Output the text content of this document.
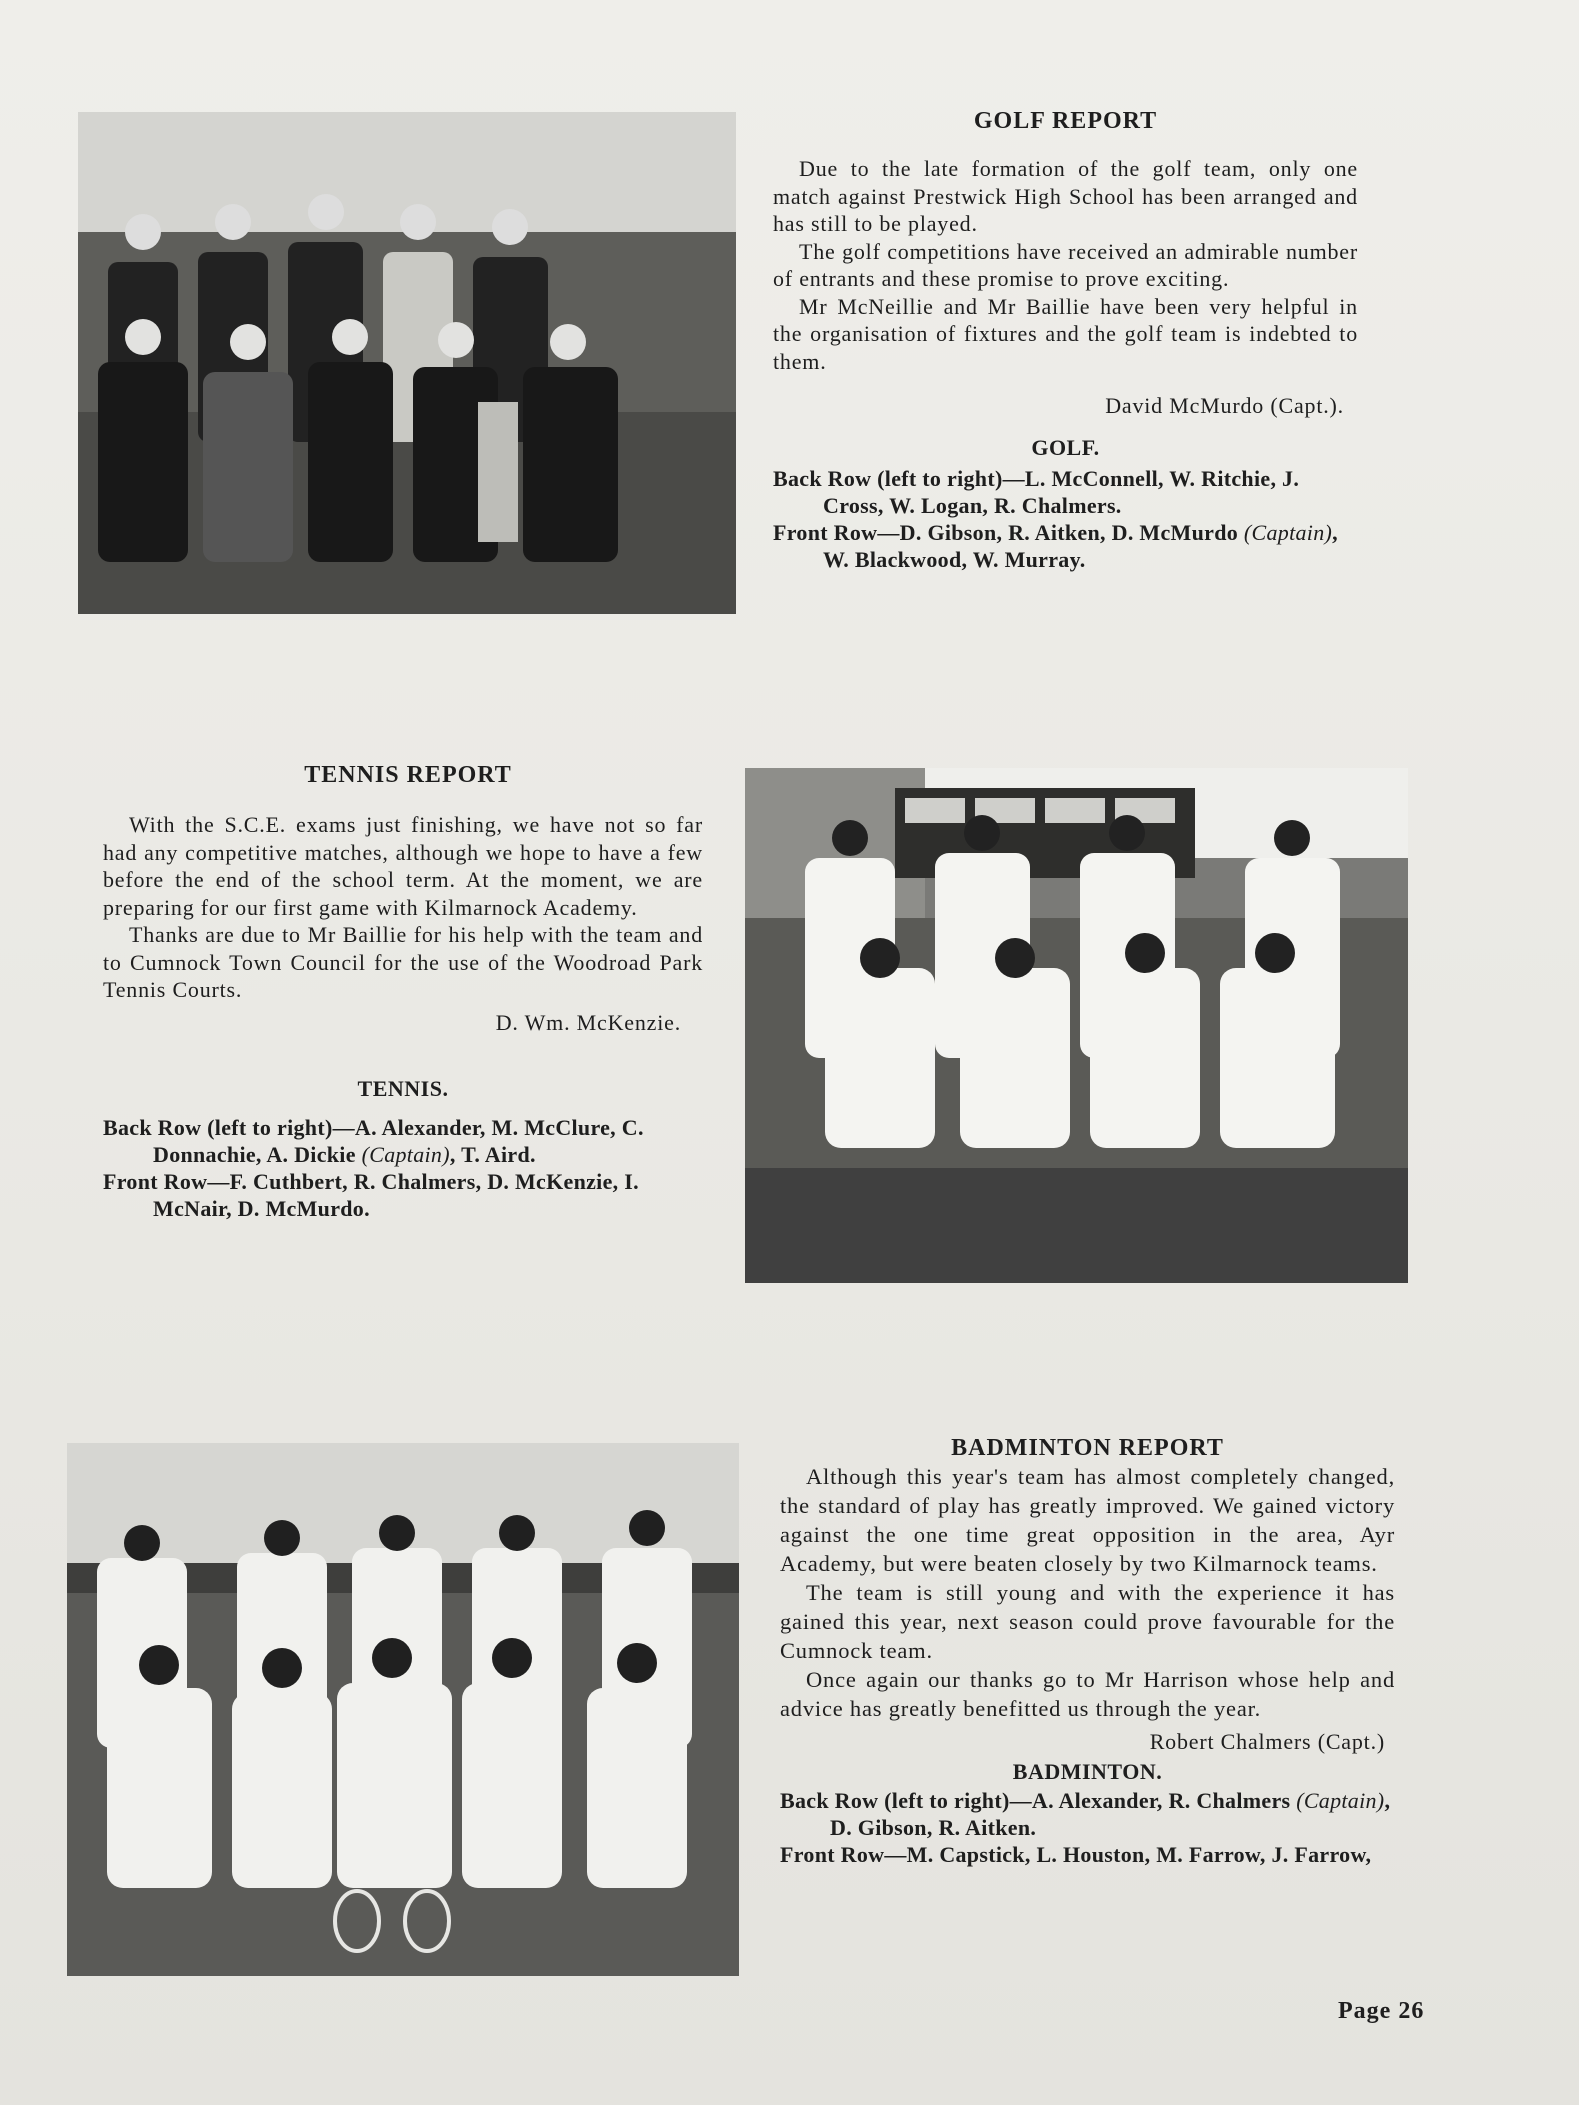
GOLF REPORT

Due to the late formation of the golf team, only one match against Prestwick High School has been arranged and has still to be played.

The golf competitions have received an admirable number of entrants and these promise to prove exciting.

Mr McNeillie and Mr Baillie have been very helpful in the organisation of fixtures and the golf team is indebted to them.

David McMurdo (Capt.).
GOLF.
Back Row (left to right)—L. McConnell, W. Ritchie, J. Cross, W. Logan, R. Chalmers.
Front Row—D. Gibson, R. Aitken, D. McMurdo (Captain), W. Blackwood, W. Murray.
TENNIS REPORT

With the S.C.E. exams just finishing, we have not so far had any competitive matches, although we hope to have a few before the end of the school term. At the moment, we are preparing for our first game with Kilmarnock Academy.

Thanks are due to Mr Baillie for his help with the team and to Cumnock Town Council for the use of the Woodroad Park Tennis Courts.

D. Wm. McKenzie.
TENNIS.
Back Row (left to right)—A. Alexander, M. McClure, C. Donnachie, A. Dickie (Captain), T. Aird.
Front Row—F. Cuthbert, R. Chalmers, D. McKenzie, I. McNair, D. McMurdo.
BADMINTON REPORT

Although this year's team has almost completely changed, the standard of play has greatly improved. We gained victory against the one time great opposition in the area, Ayr Academy, but were beaten closely by two Kilmarnock teams.

The team is still young and with the experience it has gained this year, next season could prove favourable for the Cumnock team.

Once again our thanks go to Mr Harrison whose help and advice has greatly benefitted us through the year.

Robert Chalmers (Capt.)
BADMINTON.
Back Row (left to right)—A. Alexander, R. Chalmers (Captain), D. Gibson, R. Aitken.
Front Row—M. Capstick, L. Houston, M. Farrow, J. Farrow,
Page 26
